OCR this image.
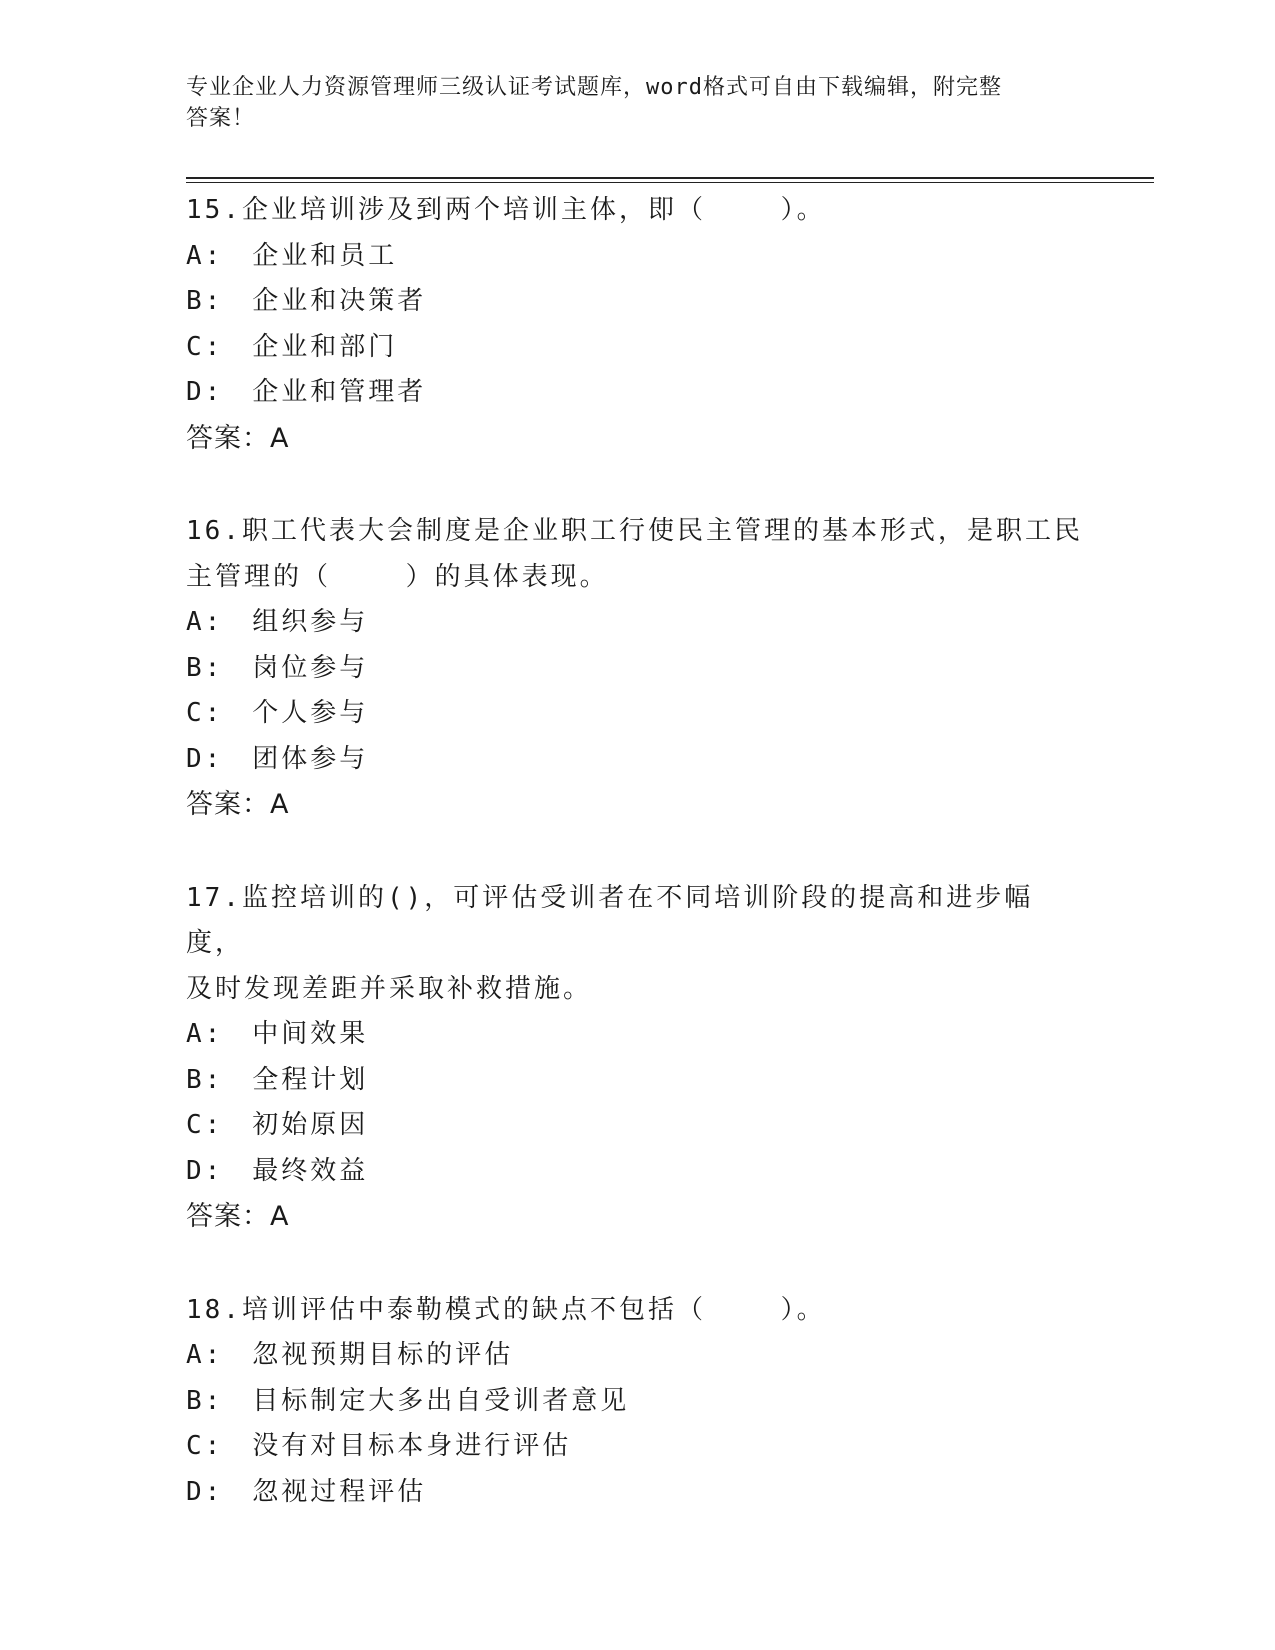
专业企业人力资源管理师三级认证考试题库，word格式可自由下载编辑，附完整
答案！
15.企业培训涉及到两个培训主体，即（    ）。
A:　企业和员工
B:　企业和决策者
C:　企业和部门
D:　企业和管理者
答案：A
16.职工代表大会制度是企业职工行使民主管理的基本形式，是职工民
主管理的（    ）的具体表现。
A:　组织参与
B:　岗位参与
C:　个人参与
D:　团体参与
答案：A
17.监控培训的()，可评估受训者在不同培训阶段的提高和进步幅度，
及时发现差距并采取补救措施。
A:　中间效果
B:　全程计划
C:　初始原因
D:　最终效益
答案：A
18.培训评估中泰勒模式的缺点不包括（    ）。
A:　忽视预期目标的评估
B:　目标制定大多出自受训者意见
C:　没有对目标本身进行评估
D:　忽视过程评估
